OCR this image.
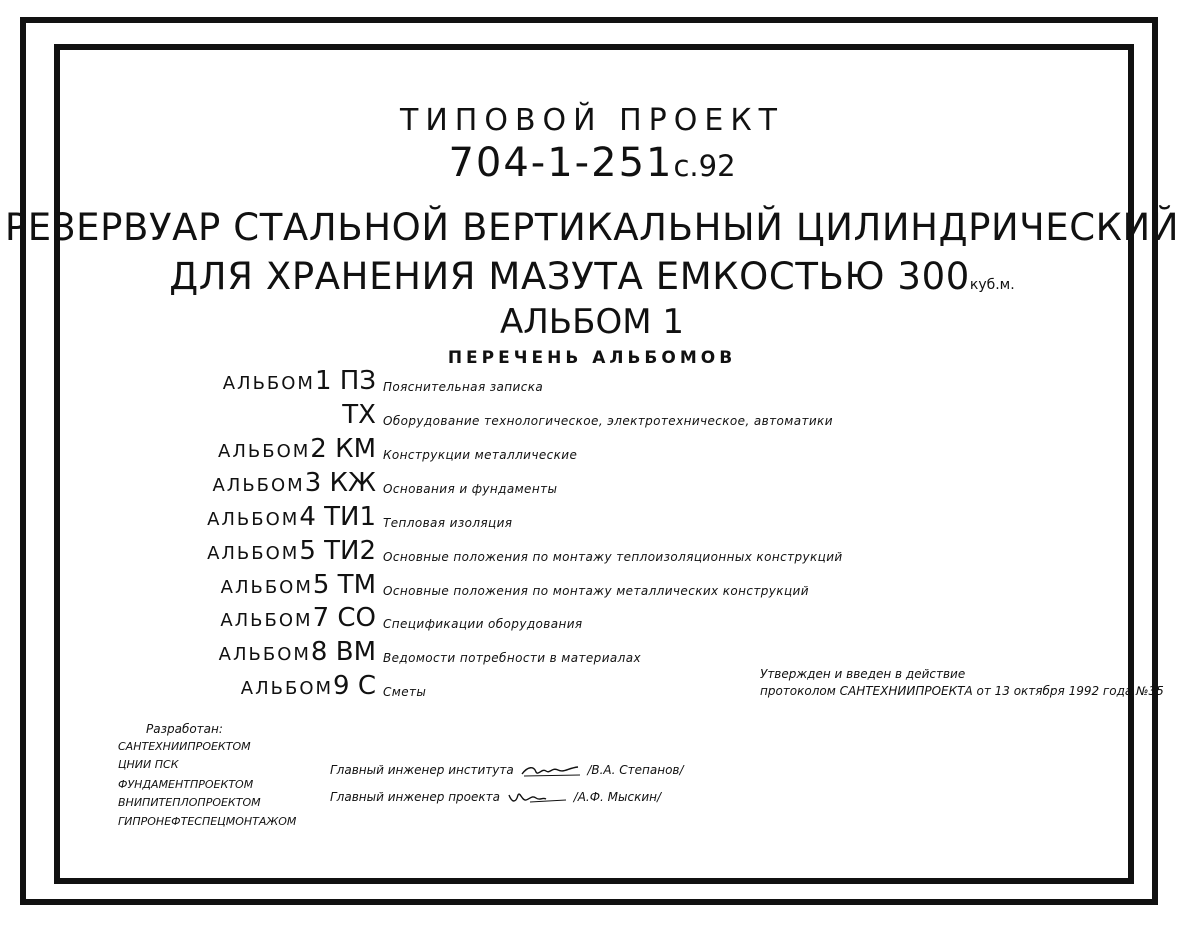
ТИПОВОЙ ПРОЕКТ
704-1-251с.92
РЕЗЕРВУАР СТАЛЬНОЙ ВЕРТИКАЛЬНЫЙ ЦИЛИНДРИЧЕСКИЙ
ДЛЯ ХРАНЕНИЯ МАЗУТА ЕМКОСТЬЮ 300куб.м.
АЛЬБОМ 1
ПЕРЕЧЕНЬ АЛЬБОМОВ
АЛЬБОМ1 ПЗ Пояснительная записка
ТХ Оборудование технологическое, электротехническое, автоматики
АЛЬБОМ2 КМ Конструкции металлические
АЛЬБОМ3 КЖ Основания и фундаменты
АЛЬБОМ4 ТИ1 Тепловая изоляция
АЛЬБОМ5 ТИ2 Основные положения по монтажу теплоизоляционных конструкций
АЛЬБОМ5 ТМ Основные положения по монтажу металлических конструкций
АЛЬБОМ7 СО Спецификации оборудования
АЛЬБОМ8 ВМ Ведомости потребности в материалах
АЛЬБОМ9 С Сметы
Утвержден и введен в действие
протоколом САНТЕХНИИПРОЕКТА от 13 октября 1992 года №35
Разработан:
САНТЕХНИИПРОЕКТОМ
ЦНИИ ПСК
ФУНДАМЕНТПРОЕКТОМ
ВНИПИТЕПЛОПРОЕКТОМ
ГИПРОНЕФТЕСПЕЦМОНТАЖОМ
Главный инженер института	/В.А. Степанов/
Главный инженер проекта	/А.Ф. Мыскин/
